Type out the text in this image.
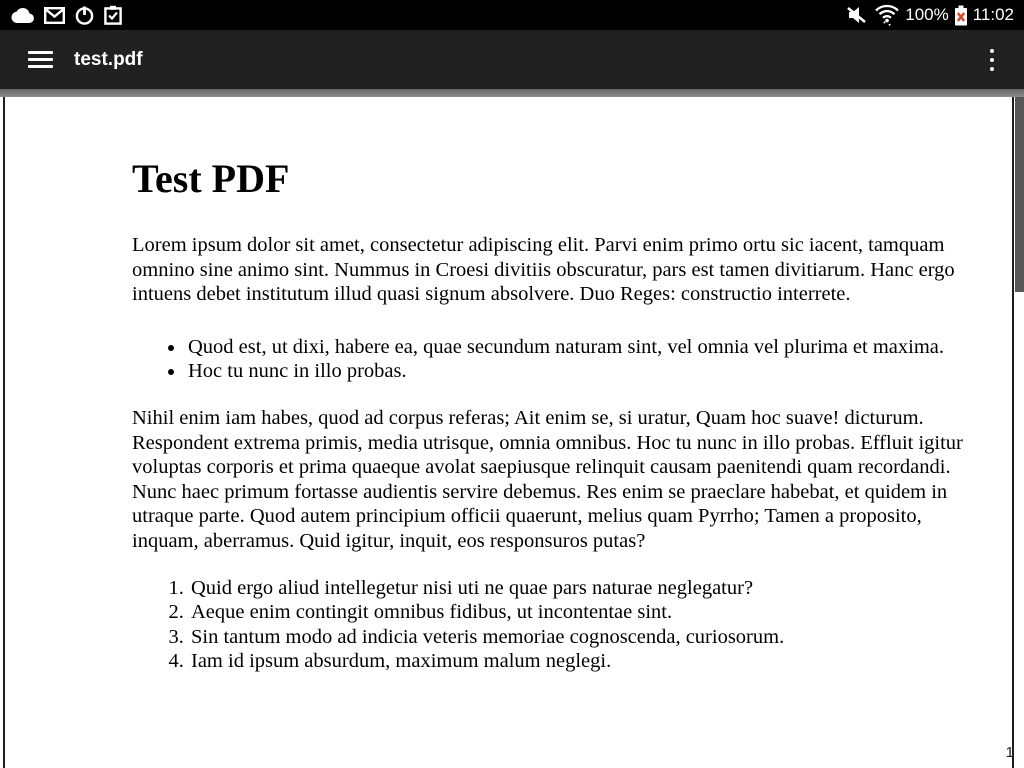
100% 11:02
test.pdf
Test PDF

Lorem ipsum dolor sit amet, consectetur adipiscing elit. Parvi enim primo ortu sic iacent, tamquam omnino sine animo sint. Nummus in Croesi divitiis obscuratur, pars est tamen divitiarum. Hanc ergo intuens debet institutum illud quasi signum absolvere. Duo Reges: constructio interrete.

• Quod est, ut dixi, habere ea, quae secundum naturam sint, vel omnia vel plurima et maxima.
• Hoc tu nunc in illo probas.

Nihil enim iam habes, quod ad corpus referas; Ait enim se, si uratur, Quam hoc suave! dicturum. Respondent extrema primis, media utrisque, omnia omnibus. Hoc tu nunc in illo probas. Effluit igitur voluptas corporis et prima quaeque avolat saepiusque relinquit causam paenitendi quam recordandi. Nunc haec primum fortasse audientis servire debemus. Res enim se praeclare habebat, et quidem in utraque parte. Quod autem principium officii quaerunt, melius quam Pyrrho; Tamen a proposito, inquam, aberramus. Quid igitur, inquit, eos responsuros putas?

1. Quid ergo aliud intellegetur nisi uti ne quae pars naturae neglegatur?
2. Aeque enim contingit omnibus fidibus, ut incontentae sint.
3. Sin tantum modo ad indicia veteris memoriae cognoscenda, curiosorum.
4. Iam id ipsum absurdum, maximum malum neglegi.
1
